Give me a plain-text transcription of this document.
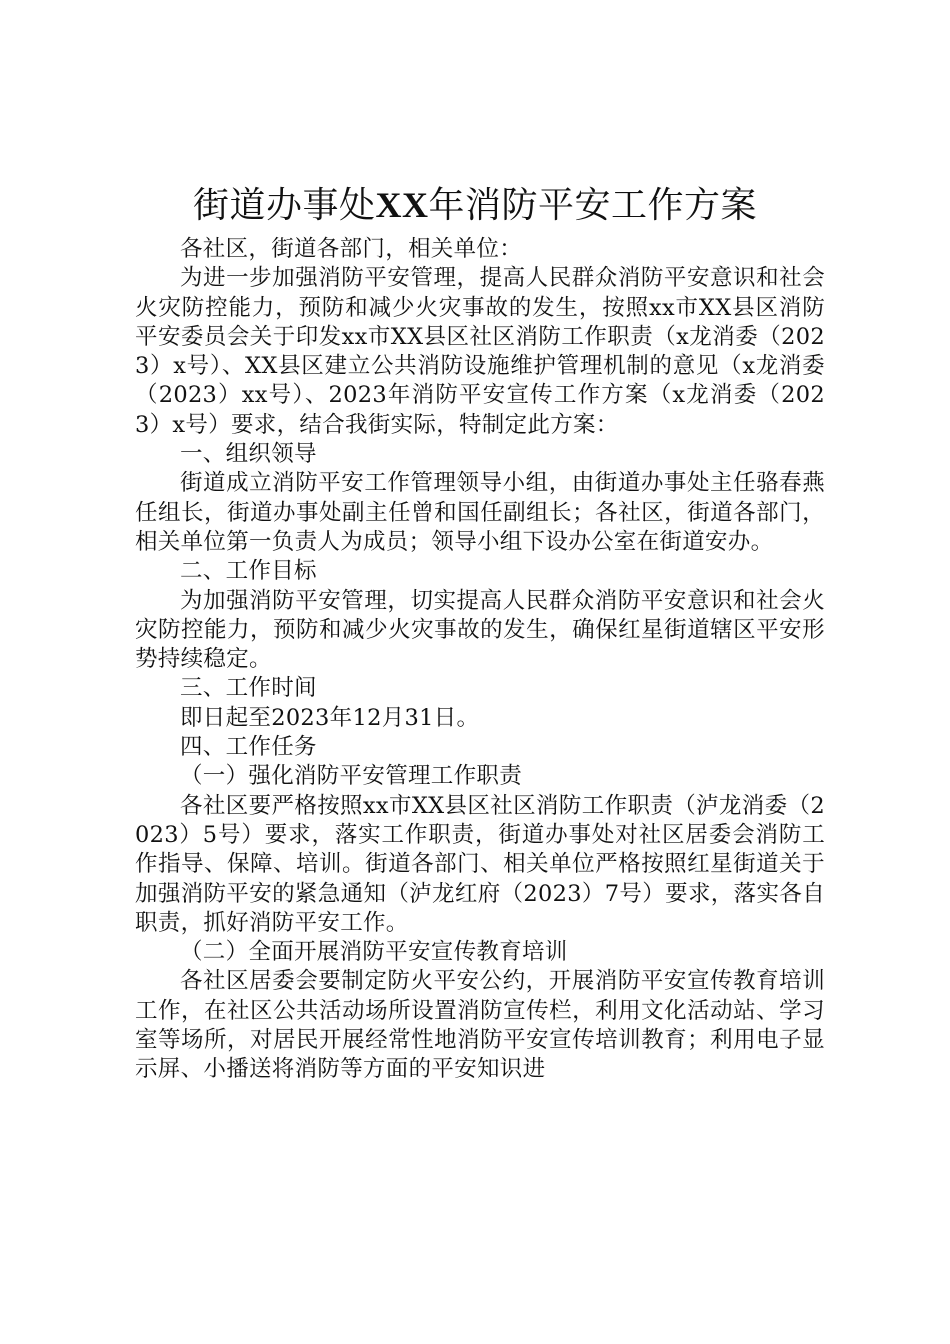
街道办事处XX年消防平安工作方案

各社区，街道各部门，相关单位：

为进一步加强消防平安管理，提高人民群众消防平安意识和社会火灾防控能力，预防和减少火灾事故的发生，按照xx市XX县区消防平安委员会关于印发xx市XX县区社区消防工作职责（x龙消委（2023）x号）、XX县区建立公共消防设施维护管理机制的意见（x龙消委（2023）xx号）、2023年消防平安宣传工作方案（x龙消委（2023）x号）要求，结合我街实际，特制定此方案：

一、组织领导

街道成立消防平安工作管理领导小组，由街道办事处主任骆春燕任组长，街道办事处副主任曾和国任副组长；各社区，街道各部门，相关单位第一负责人为成员；领导小组下设办公室在街道安办。

二、工作目标

为加强消防平安管理，切实提高人民群众消防平安意识和社会火灾防控能力，预防和减少火灾事故的发生，确保红星街道辖区平安形势持续稳定。

三、工作时间

即日起至2023年12月31日。

四、工作任务

（一）强化消防平安管理工作职责

各社区要严格按照xx市XX县区社区消防工作职责（泸龙消委（2023）5号）要求，落实工作职责，街道办事处对社区居委会消防工作指导、保障、培训。街道各部门、相关单位严格按照红星街道关于加强消防平安的紧急通知（泸龙红府（2023）7号）要求，落实各自职责，抓好消防平安工作。

（二）全面开展消防平安宣传教育培训

各社区居委会要制定防火平安公约，开展消防平安宣传教育培训工作，在社区公共活动场所设置消防宣传栏，利用文化活动站、学习室等场所，对居民开展经常性地消防平安宣传培训教育；利用电子显示屏、小播送将消防等方面的平安知识进
